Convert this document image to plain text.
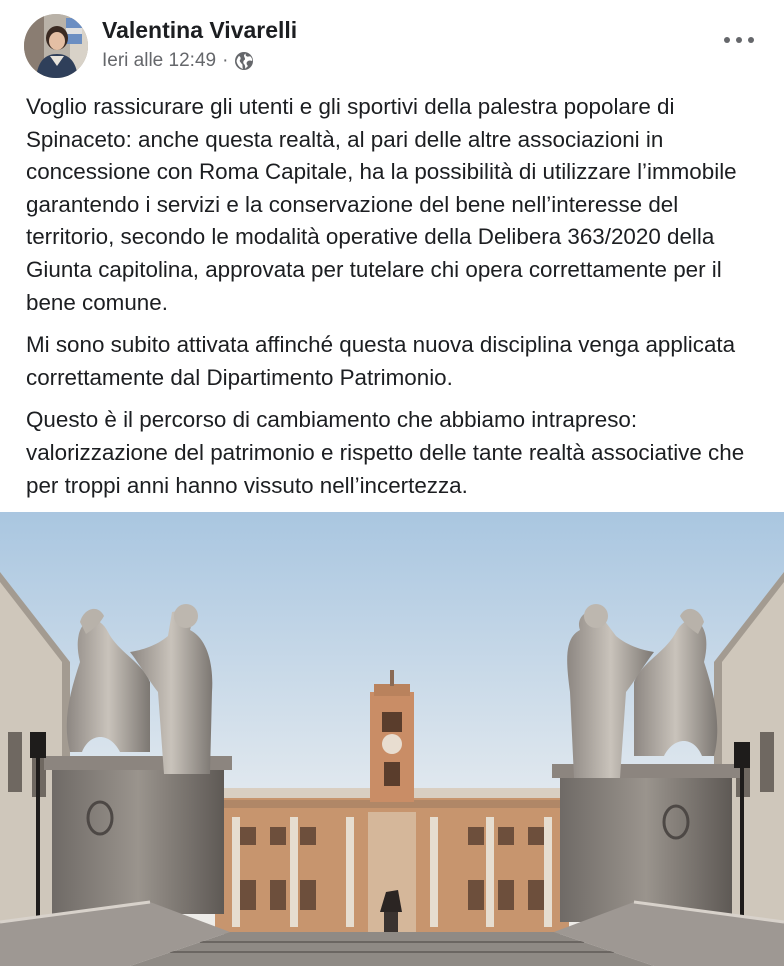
Valentina Vivarelli
Ieri alle 12:49 ·

Voglio rassicurare gli utenti e gli sportivi della palestra popolare di Spinaceto: anche questa realtà, al pari delle altre associazioni in concessione con Roma Capitale, ha la possibilità di utilizzare l’immobile garantendo i servizi e la conservazione del bene nell’interesse del territorio, secondo le modalità operative della Delibera 363/2020 della Giunta capitolina, approvata per tutelare chi opera correttamente per il bene comune.

Mi sono subito attivata affinché questa nuova disciplina venga applicata correttamente dal Dipartimento Patrimonio.

Questo è il percorso di cambiamento che abbiamo intrapreso: valorizzazione del patrimonio e rispetto delle tante realtà associative che per troppi anni hanno vissuto nell’incertezza.
